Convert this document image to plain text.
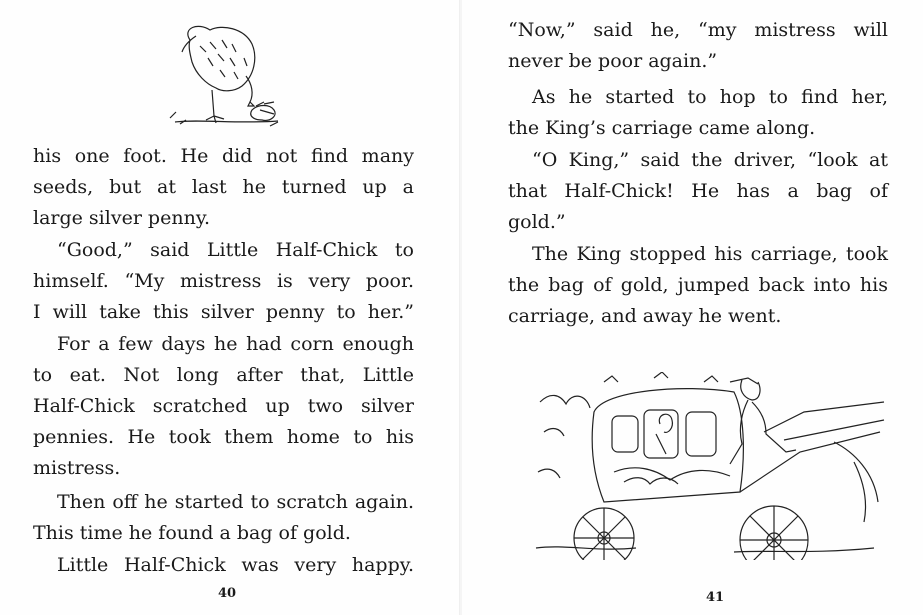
his one foot. He did not find many
seeds, but at last he turned up a
large silver penny.
“Good,” said Little Half-Chick to
himself. “My mistress is very poor.
I will take this silver penny to her.”
For a few days he had corn enough
to eat. Not long after that, Little
Half-Chick scratched up two silver
pennies. He took them home to his
mistress.
Then off he started to scratch again.
This time he found a bag of gold.
Little Half-Chick was very happy.
40
“Now,” said he, “my mistress will
never be poor again.”
As he started to hop to find her,
the King’s carriage came along.
“O King,” said the driver, “look at
that Half-Chick! He has a bag of
gold.”
The King stopped his carriage, took
the bag of gold, jumped back into his
carriage, and away he went.
41
